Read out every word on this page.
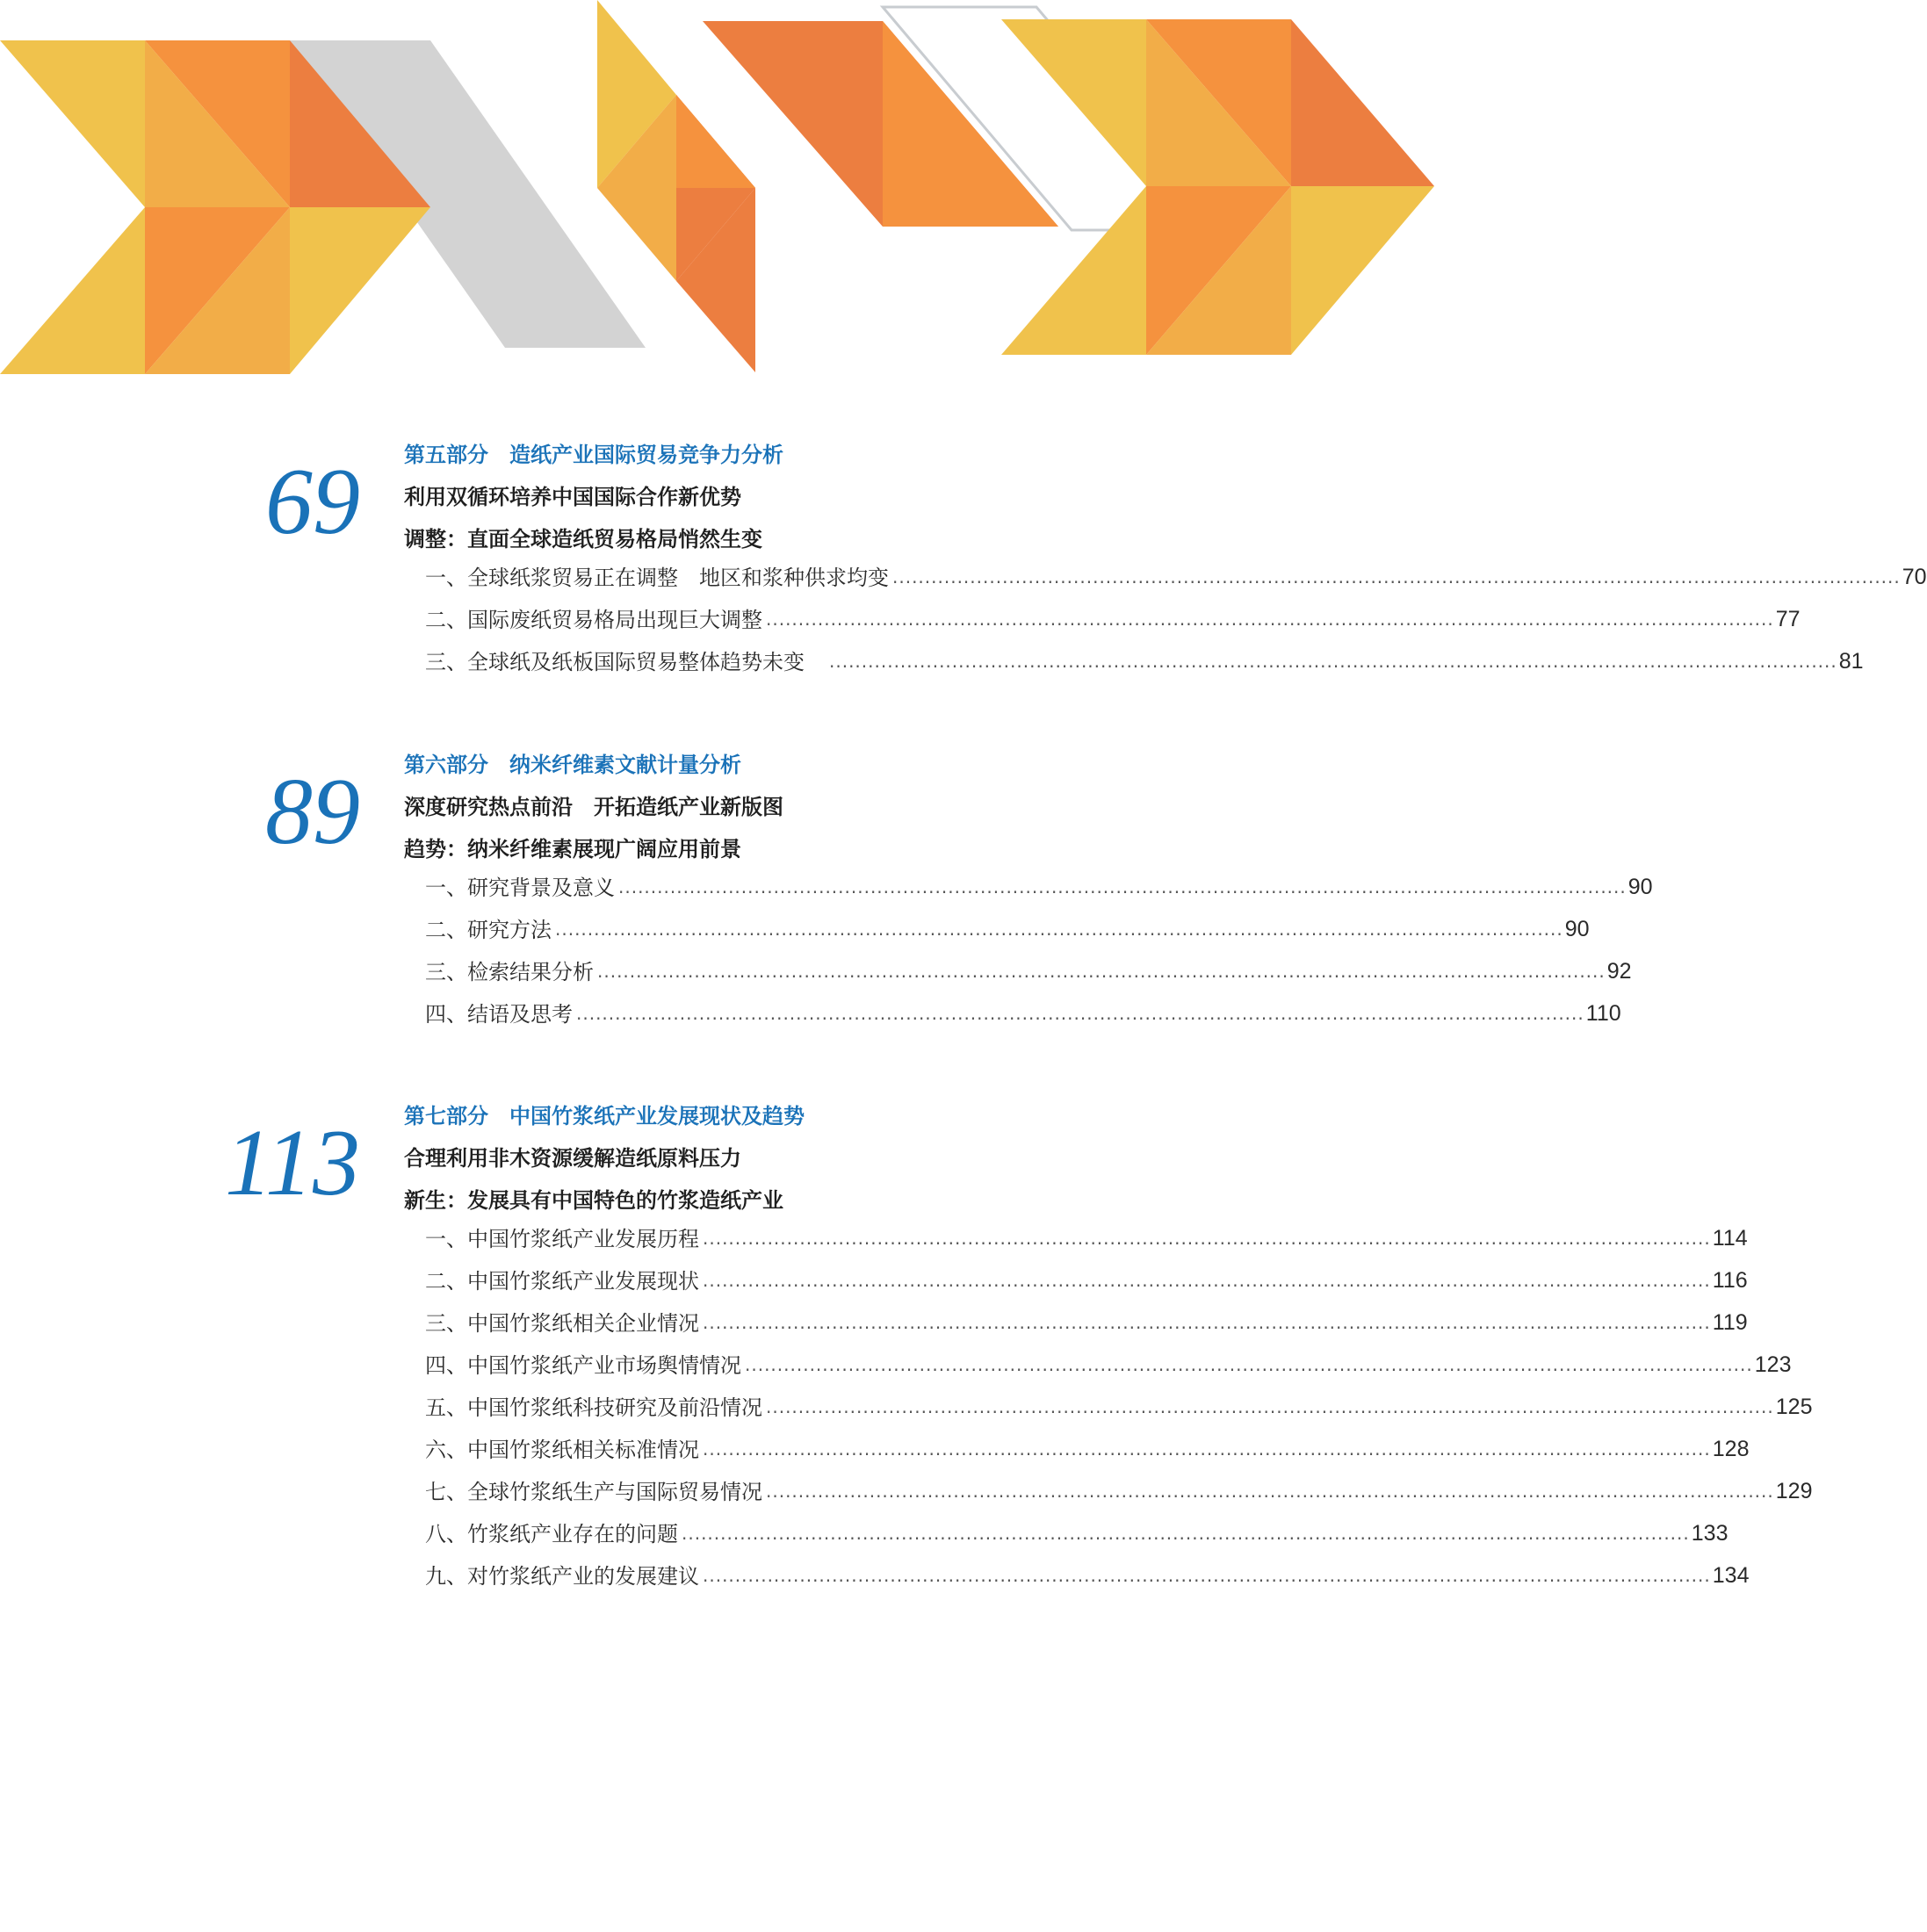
69 第五部分　造纸产业国际贸易竞争力分析
利用双循环培养中国国际合作新优势
调整：直面全球造纸贸易格局悄然生变
一、全球纸浆贸易正在调整　地区和浆种供求均变 ............................................................................................................................................................ 70
二、国际废纸贸易格局出现巨大调整 ............................................................................................................................................................ 77
三、全球纸及纸板国际贸易整体趋势未变　 ............................................................................................................................................................ 81
89 第六部分　纳米纤维素文献计量分析
深度研究热点前沿　开拓造纸产业新版图
趋势：纳米纤维素展现广阔应用前景
一、研究背景及意义 ............................................................................................................................................................ 90
二、研究方法 ............................................................................................................................................................ 90
三、检索结果分析 ............................................................................................................................................................ 92
四、结语及思考 ............................................................................................................................................................ 110
113 第七部分　中国竹浆纸产业发展现状及趋势
合理利用非木资源缓解造纸原料压力
新生：发展具有中国特色的竹浆造纸产业
一、中国竹浆纸产业发展历程 ............................................................................................................................................................ 114
二、中国竹浆纸产业发展现状 ............................................................................................................................................................ 116
三、中国竹浆纸相关企业情况 ............................................................................................................................................................ 119
四、中国竹浆纸产业市场舆情情况 ............................................................................................................................................................ 123
五、中国竹浆纸科技研究及前沿情况 ............................................................................................................................................................ 125
六、中国竹浆纸相关标准情况 ............................................................................................................................................................ 128
七、全球竹浆纸生产与国际贸易情况 ............................................................................................................................................................ 129
八、竹浆纸产业存在的问题 ............................................................................................................................................................ 133
九、对竹浆纸产业的发展建议 ............................................................................................................................................................ 134
